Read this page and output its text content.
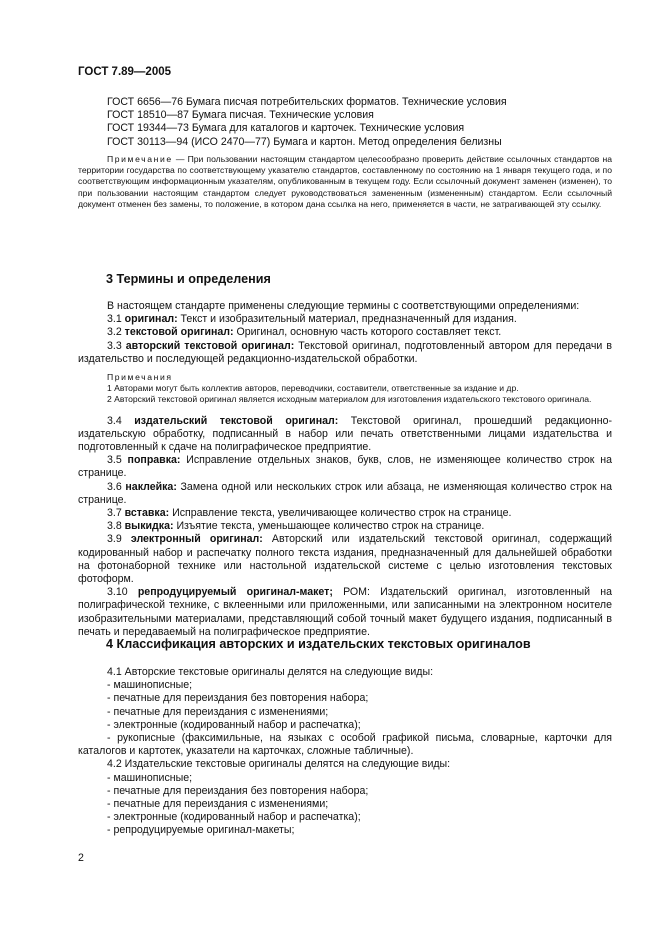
ГОСТ 7.89—2005

ГОСТ 6656—76 Бумага писчая потребительских форматов. Технические условия

ГОСТ 18510—87 Бумага писчая. Технические условия

ГОСТ 19344—73 Бумага для каталогов и карточек. Технические условия

ГОСТ 30113—94 (ИСО 2470—77) Бумага и картон. Метод определения белизны

Примечание — При пользовании настоящим стандартом целесообразно проверить действие ссылочных стандартов на территории государства по соответствующему указателю стандартов, составленному по состоянию на 1 января текущего года, и по соответствующим информационным указателям, опубликованным в текущем году. Если ссылочный документ заменен (изменен), то при пользовании настоящим стандартом следует руководствоваться замененным (измененным) стандартом. Если ссылочный документ отменен без замены, то положение, в котором дана ссылка на него, применяется в части, не затрагивающей эту ссылку.

3 Термины и определения

В настоящем стандарте применены следующие термины с соответствующими определениями:

3.1 оригинал: Текст и изобразительный материал, предназначенный для издания.

3.2 текстовой оригинал: Оригинал, основную часть которого составляет текст.

3.3 авторский текстовой оригинал: Текстовой оригинал, подготовленный автором для передачи в издательство и последующей редакционно-издательской обработки.

Примечания

1 Авторами могут быть коллектив авторов, переводчики, составители, ответственные за издание и др.

2 Авторский текстовой оригинал является исходным материалом для изготовления издательского текстового оригинала.

3.4 издательский текстовой оригинал: Текстовой оригинал, прошедший редакционно-издательскую обработку, подписанный в набор или печать ответственными лицами издательства и подготовленный к сдаче на полиграфическое предприятие.

3.5 поправка: Исправление отдельных знаков, букв, слов, не изменяющее количество строк на странице.

3.6 наклейка: Замена одной или нескольких строк или абзаца, не изменяющая количество строк на странице.

3.7 вставка: Исправление текста, увеличивающее количество строк на странице.

3.8 выкидка: Изъятие текста, уменьшающее количество строк на странице.

3.9 электронный оригинал: Авторский или издательский текстовой оригинал, содержащий кодированный набор и распечатку полного текста издания, предназначенный для дальнейшей обработки на фотонаборной технике или настольной издательской системе с целью изготовления текстовых фотоформ.

3.10 репродуцируемый оригинал-макет; РОМ: Издательский оригинал, изготовленный на полиграфической технике, с вклеенными или приложенными, или записанными на электронном носителе изобразительными материалами, представляющий собой точный макет будущего издания, подписанный в печать и передаваемый на полиграфическое предприятие.

4 Классификация авторских и издательских текстовых оригиналов

4.1 Авторские текстовые оригиналы делятся на следующие виды:

- машинописные;

- печатные для переиздания без повторения набора;

- печатные для переиздания с изменениями;

- электронные (кодированный набор и распечатка);

- рукописные (факсимильные, на языках с особой графикой письма, словарные, карточки для каталогов и картотек, указатели на карточках, сложные табличные).

4.2 Издательские текстовые оригиналы делятся на следующие виды:

- машинописные;

- печатные для переиздания без повторения набора;

- печатные для переиздания с изменениями;

- электронные (кодированный набор и распечатка);

- репродуцируемые оригинал-макеты;

2
